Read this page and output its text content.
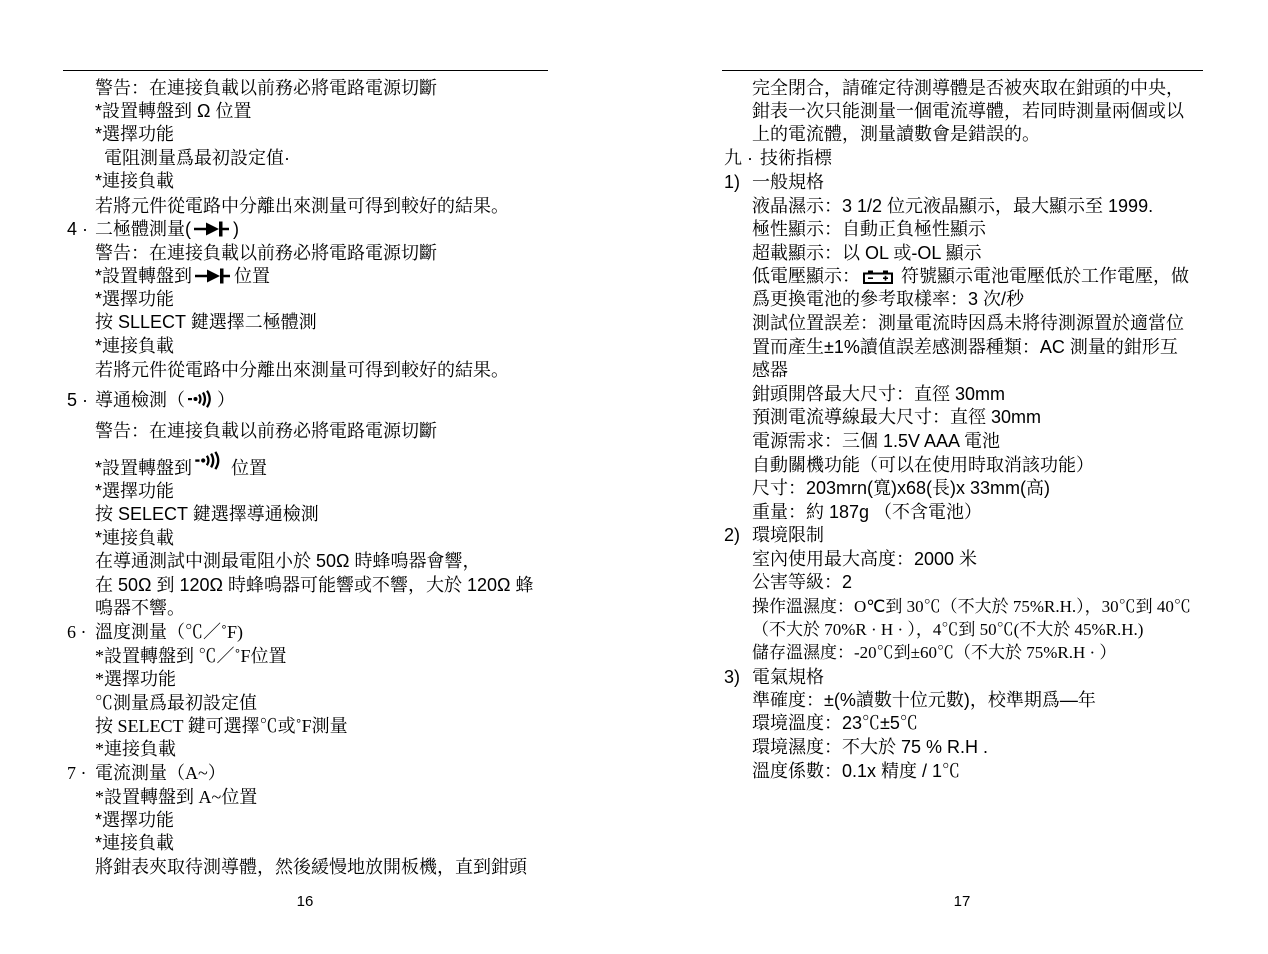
警告：在連接負載以前務必將電路電源切斷
*設置轉盤到 Ω 位置
*選擇功能
電阻測量爲最初設定值·
*連接負載
若將元件從電路中分離出來測量可得到較好的結果。
4 · 二極體測量( )
警告：在連接負載以前務必將電路電源切斷
*設置轉盤到 位置
*選擇功能
按 SLLECT 鍵選擇二極體測
*連接負載
若將元件從電路中分離出來測量可得到較好的結果。
5 · 導通檢測（ ）
警告：在連接負載以前務必將電路電源切斷
*設置轉盤到 位置
*選擇功能
按 SELECT 鍵選擇導通檢測
*連接負載
在導通測試中測最電阻小於 50Ω 時蜂鳴器會響，
在 50Ω 到 120Ω 時蜂鳴器可能響或不響，大於 120Ω 蜂
鳴器不響。
6 · 溫度測量（℃／˚F)
*設置轉盤到 ℃／˚F位置
*選擇功能
℃測量爲最初設定值
按 SELECT 鍵可選擇℃或˚F測量
*連接負載
7 · 電流測量（A~）
*設置轉盤到 A~位置
*選擇功能
*連接負載
將鉗表夾取待測導體，然後緩慢地放開板機，直到鉗頭
16
完全閉合，請確定待測導體是否被夾取在鉗頭的中央，
鉗表一次只能測量一個電流導體，若同時測量兩個或以
上的電流體，測量讀數會是錯誤的。
九 · 技術指標
1) 一般規格
液晶濕示：3 1/2 位元液晶顯示，最大顯示至 1999.
極性顯示：自動正負極性顯示
超載顯示：以 OL 或-OL 顯示
低電壓顯示： 符號顯示電池電壓低於工作電壓，做
爲更換電池的參考取樣率：3 次/秒
測試位置誤差：測量電流時因爲未將待測源置於適當位
置而產生±1%讀值誤差感測器種類：AC 測量的鉗形互
感器
鉗頭開啓最大尺寸：直徑 30mm
預測電流導線最大尺寸：直徑 30mm
電源需求：三個 1.5V AAA 電池
自動關機功能（可以在使用時取消該功能）
尺寸：203mrn(寬)x68(長)x 33mm(高)
重量：約 187g （不含電池）
2) 環境限制
室內使用最大高度：2000 米
公害等級：2
操作溫濕度：O℃到 30℃（不大於 75%R.H.），30℃到 40℃
（不大於 70%R · H · ），4℃到 50℃(不大於 45%R.H.)
儲存溫濕度：-20℃到±60℃（不大於 75%R.H · ）
3) 電氣規格
準確度：±(%讀數十位元數)，校準期爲—年
環境溫度：23℃±5℃
環境濕度：不大於 75 % R.H .
溫度係數：0.1x 精度 / 1℃
17
